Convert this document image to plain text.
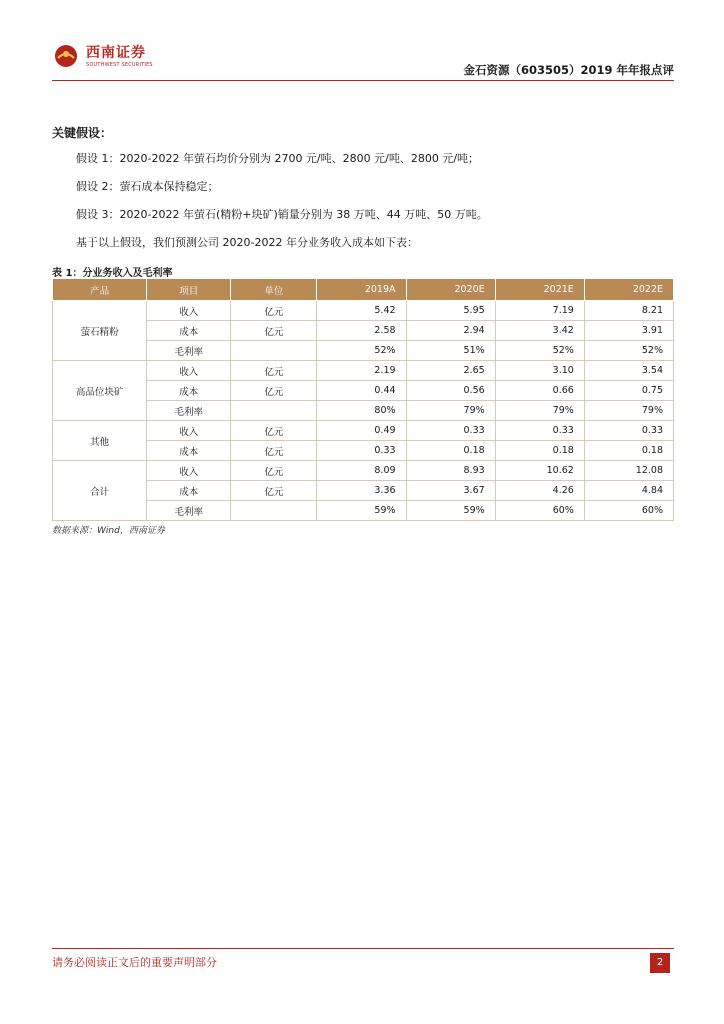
西南证券
SOUTHWEST SECURITIES	金石资源（603505）2019 年年报点评
关键假设：
假设 1：2020-2022 年萤石均价分别为 2700 元/吨、2800 元/吨、2800 元/吨；
假设 2：萤石成本保持稳定；
假设 3：2020-2022 年萤石(精粉+块矿)销量分别为 38 万吨、44 万吨、50 万吨。
基于以上假设，我们预测公司 2020-2022 年分业务收入成本如下表：
表 1：分业务收入及毛利率
产品	项目	单位	2019A	2020E	2021E	2022E
萤石精粉	收入	亿元	5.42	5.95	7.19	8.21
	成本	亿元	2.58	2.94	3.42	3.91
	毛利率		52%	51%	52%	52%
高品位块矿	收入	亿元	2.19	2.65	3.10	3.54
	成本	亿元	0.44	0.56	0.66	0.75
	毛利率		80%	79%	79%	79%
其他	收入	亿元	0.49	0.33	0.33	0.33
	成本	亿元	0.33	0.18	0.18	0.18
合计	收入	亿元	8.09	8.93	10.62	12.08
	成本	亿元	3.36	3.67	4.26	4.84
	毛利率		59%	59%	60%	60%
数据来源：Wind，西南证券
请务必阅读正文后的重要声明部分	2
